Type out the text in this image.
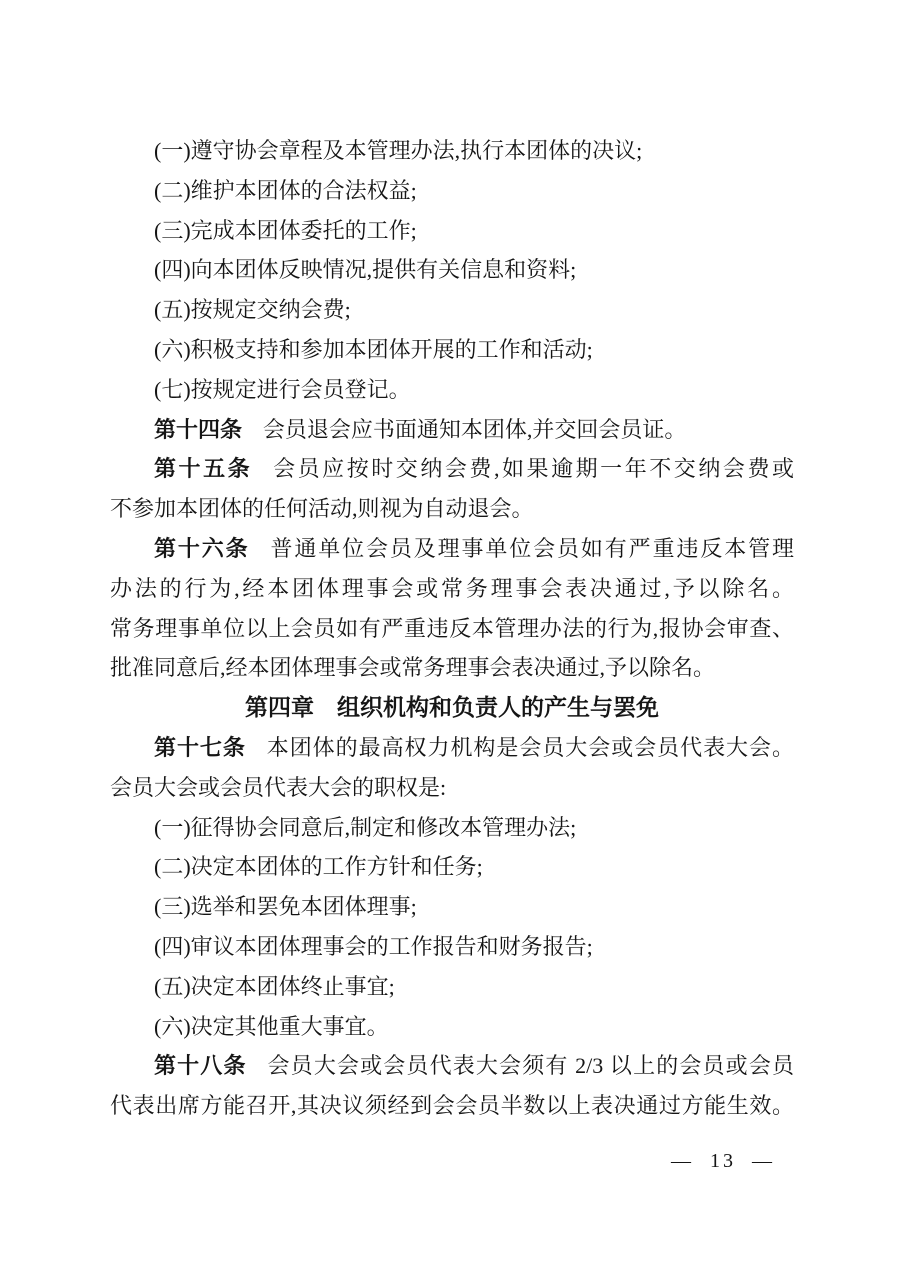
(一)遵守协会章程及本管理办法,执行本团体的决议;
(二)维护本团体的合法权益;
(三)完成本团体委托的工作;
(四)向本团体反映情况,提供有关信息和资料;
(五)按规定交纳会费;
(六)积极支持和参加本团体开展的工作和活动;
(七)按规定进行会员登记。
第十四条 会员退会应书面通知本团体,并交回会员证。
第十五条 会员应按时交纳会费,如果逾期一年不交纳会费或
不参加本团体的任何活动,则视为自动退会。
第十六条 普通单位会员及理事单位会员如有严重违反本管理
办法的行为,经本团体理事会或常务理事会表决通过,予以除名。
常务理事单位以上会员如有严重违反本管理办法的行为,报协会审查、
批准同意后,经本团体理事会或常务理事会表决通过,予以除名。
第四章　组织机构和负责人的产生与罢免
第十七条 本团体的最高权力机构是会员大会或会员代表大会。
会员大会或会员代表大会的职权是:
(一)征得协会同意后,制定和修改本管理办法;
(二)决定本团体的工作方针和任务;
(三)选举和罢免本团体理事;
(四)审议本团体理事会的工作报告和财务报告;
(五)决定本团体终止事宜;
(六)决定其他重大事宜。
第十八条 会员大会或会员代表大会须有 2/3 以上的会员或会员
代表出席方能召开,其决议须经到会会员半数以上表决通过方能生效。
— 13 —
